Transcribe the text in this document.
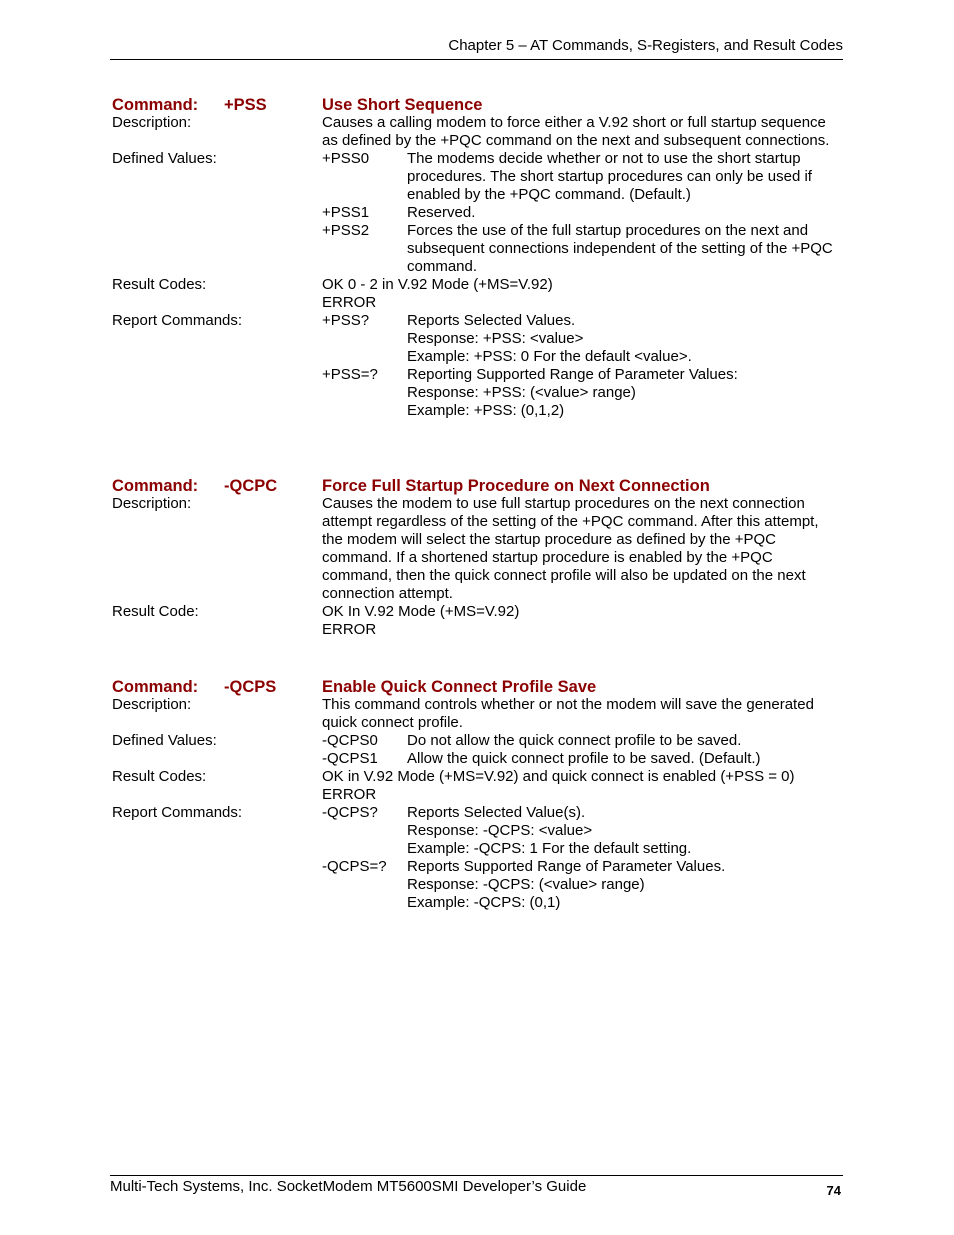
Chapter 5 – AT Commands, S-Registers, and Result Codes
Command: +PSS	Use Short Sequence
Description:	Causes a calling modem to force either a V.92 short or full startup sequence as defined by the +PQC command on the next and subsequent connections.
Defined Values:	+PSS0	The modems decide whether or not to use the short startup procedures. The short startup procedures can only be used if enabled by the +PQC command. (Default.)
+PSS1	Reserved.
+PSS2	Forces the use of the full startup procedures on the next and subsequent connections independent of the setting of the +PQC command.
Result Codes:	OK 0 - 2 in V.92 Mode (+MS=V.92)
ERROR
Report Commands:	+PSS?	Reports Selected Values.
Response: +PSS: <value>
Example: +PSS: 0 For the default <value>.
+PSS=? Reporting Supported Range of Parameter Values:
Response: +PSS: (<value> range)
Example: +PSS: (0,1,2)
Command: -QCPC	Force Full Startup Procedure on Next Connection
Description:	Causes the modem to use full startup procedures on the next connection attempt regardless of the setting of the +PQC command. After this attempt, the modem will select the startup procedure as defined by the +PQC command. If a shortened startup procedure is enabled by the +PQC command, then the quick connect profile will also be updated on the next connection attempt.
Result Code:	OK In V.92 Mode (+MS=V.92)
ERROR
Command: -QCPS	Enable Quick Connect Profile Save
Description:	This command controls whether or not the modem will save the generated quick connect profile.
Defined Values:	-QCPS0 Do not allow the quick connect profile to be saved.
-QCPS1 Allow the quick connect profile to be saved. (Default.)
Result Codes:	OK in V.92 Mode (+MS=V.92) and quick connect is enabled (+PSS = 0)
ERROR
Report Commands:	-QCPS? Reports Selected Value(s).
Response: -QCPS: <value>
Example: -QCPS: 1 For the default setting.
-QCPS=? Reports Supported Range of Parameter Values.
Response: -QCPS: (<value> range)
Example: -QCPS: (0,1)
Multi-Tech Systems, Inc. SocketModem MT5600SMI Developer’s Guide	74
